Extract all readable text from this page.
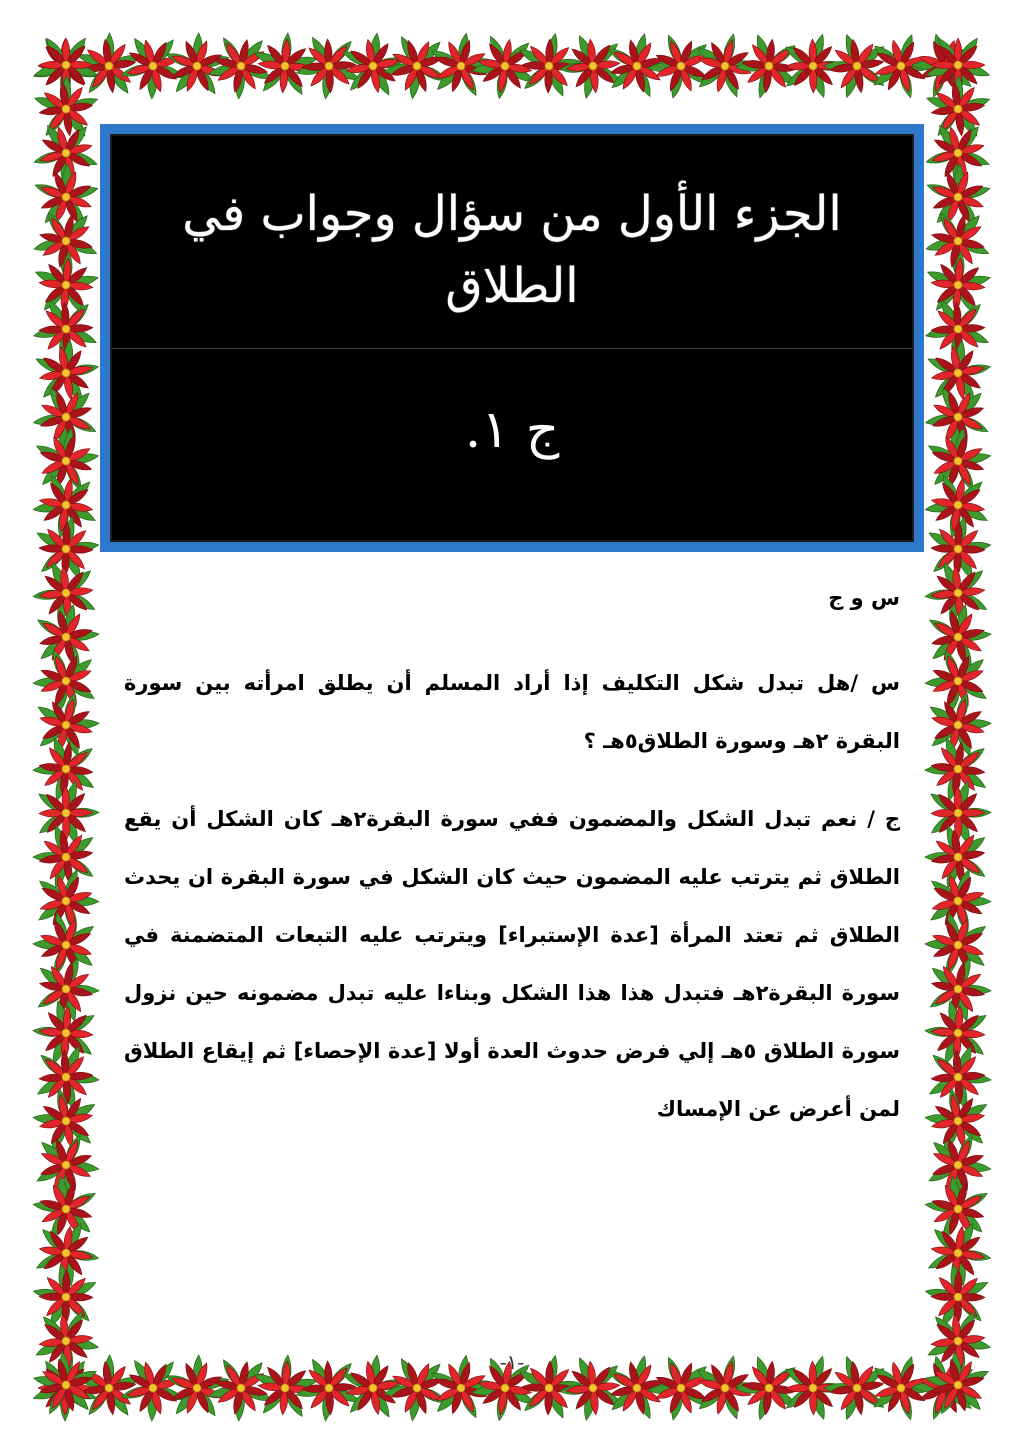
الجزء الأول من سؤال وجواب في الطلاق
ج ١.

س و ج

س /هل تبدل شكل التكليف إذا أراد المسلم أن يطلق امرأته بين سورة البقرة ٢هـ وسورة الطلاق٥هـ ؟

ج / نعم تبدل الشكل والمضمون ففي سورة البقرة٢هـ كان الشكل أن يقع الطلاق ثم يترتب عليه المضمون حيث كان الشكل في سورة البقرة ان يحدث الطلاق ثم تعتد المرأة [عدة الإستبراء] ويترتب عليه التبعات المتضمنة في سورة البقرة٢هـ فتبدل هذا هذا الشكل وبناءا عليه تبدل مضمونه حين نزول سورة الطلاق ٥هـ إلي فرض حدوث العدة أولا [عدة الإحصاء] ثم إيقاع الطلاق لمن أعرض عن الإمساك

-١-
